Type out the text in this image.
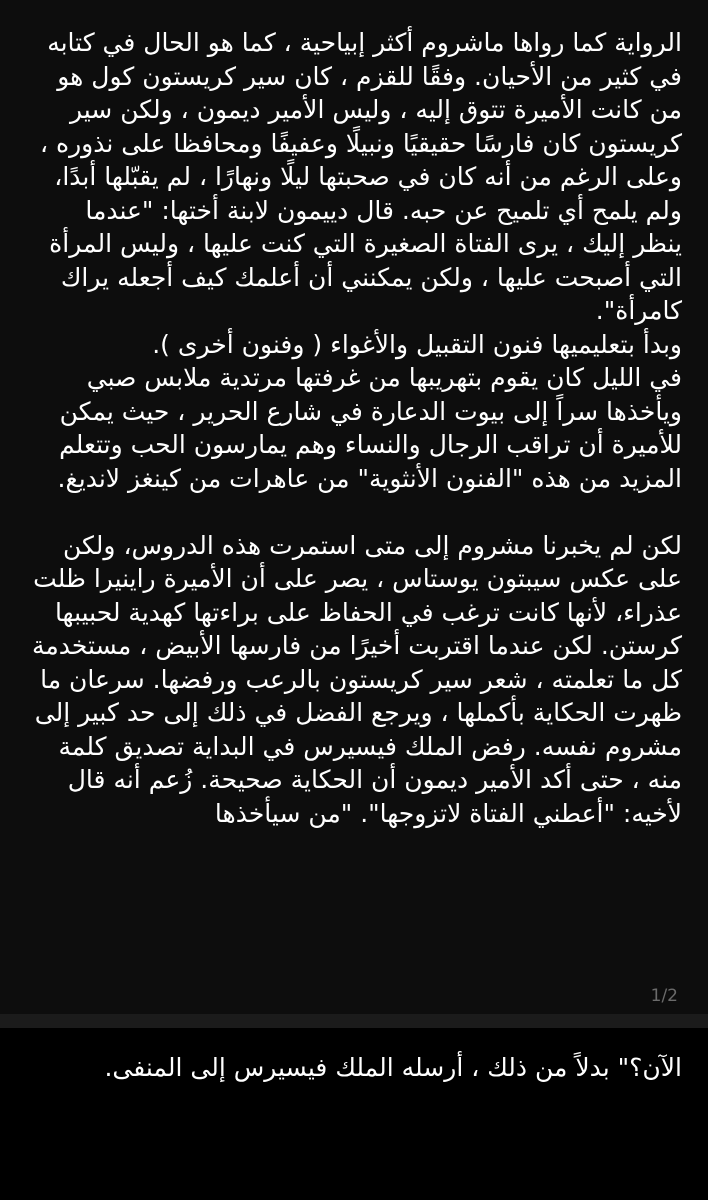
الرواية كما رواها ماشروم أكثر إبياحية ، كما هو الحال في كتابه في كثير من الأحيان. وفقًا للقزم ، كان سير كريستون كول هو من كانت الأميرة تتوق إليه ، وليس الأمير ديمون ، ولكن سير كريستون كان فارسًا حقيقيًا ونبيلًا وعفيفًا ومحافظا على نذوره ، وعلى الرغم من أنه كان في صحبتها ليلًا ونهارًا ، لم يقبّلها أبدًا، ولم يلمح أي تلميح عن حبه. قال دييمون لابنة أختها: "عندما ينظر إليك ، يرى الفتاة الصغيرة التي كنت عليها ، وليس المرأة التي أصبحت عليها ، ولكن يمكنني أن أعلمك كيف أجعله يراك كامرأة".

وبدأ بتعليميها فنون التقبيل والأغواء ( وفنون أخرى ).

في الليل كان يقوم بتهريبها من غرفتها مرتدية ملابس صبي ويأخذها سراً إلى بيوت الدعارة في شارع الحرير ، حيث يمكن للأميرة أن تراقب الرجال والنساء وهم يمارسون الحب وتتعلم المزيد من هذه "الفنون الأنثوية" من عاهرات من كينغز لانديغ.

لكن لم يخبرنا مشروم إلى متى استمرت هذه الدروس، ولكن على عكس سيبتون يوستاس ، يصر على أن الأميرة راينيرا ظلت عذراء، لأنها كانت ترغب في الحفاظ على براءتها كهدية لحبيبها كرستن. لكن عندما اقتربت أخيرًا من فارسها الأبيض ، مستخدمة كل ما تعلمته ، شعر سير كريستون بالرعب ورفضها. سرعان ما ظهرت الحكاية بأكملها ، ويرجع الفضل في ذلك إلى حد كبير إلى مشروم نفسه. رفض الملك فيسيرس في البداية تصديق كلمة منه ، حتى أكد الأمير ديمون أن الحكاية صحيحة. زُعم أنه قال لأخيه: "أعطني الفتاة لاتزوجها". "من سيأخذها

1/2

الآن؟" بدلاً من ذلك ، أرسله الملك فيسيرس إلى المنفى.
